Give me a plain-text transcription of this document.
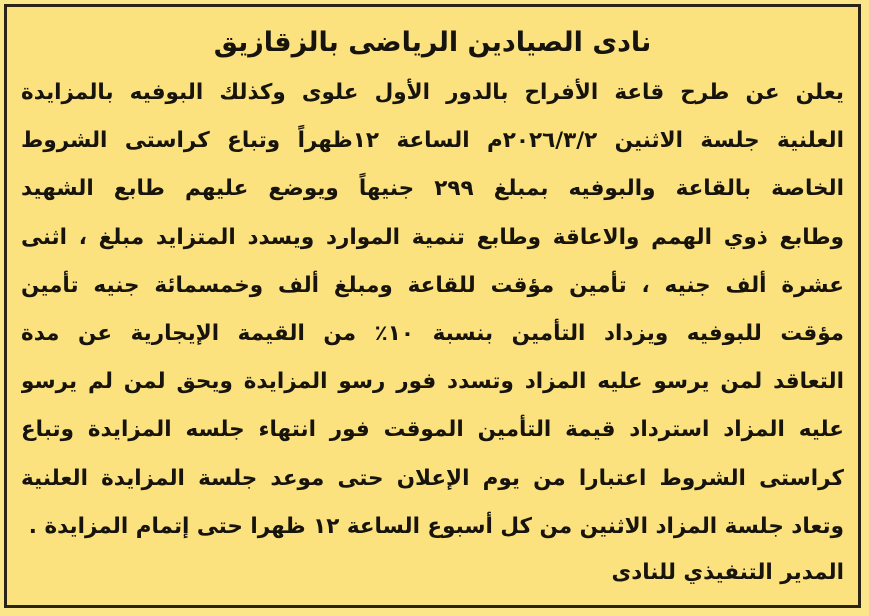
نادى الصيادين الرياضى بالزقازيق
يعلن عن طرح قاعة الأفراح بالدور الأول علوى وكذلك البوفيه بالمزايدة
العلنية جلسة الاثنين ٢٠٢٦/٣/٢م الساعة ١٢ظهراً وتباع كراستى الشروط
الخاصة بالقاعة والبوفيه بمبلغ ٢٩٩ جنيهاً ويوضع عليهم طابع الشهيد
وطابع ذوي الهمم والاعاقة وطابع تنمية الموارد ويسدد المتزايد مبلغ ، اثنى
عشرة ألف جنيه ، تأمين مؤقت للقاعة ومبلغ ألف وخمسمائة جنيه تأمين
مؤقت للبوفيه ويزداد التأمين بنسبة ١٠٪ من القيمة الإيجارية عن مدة
التعاقد لمن يرسو عليه المزاد وتسدد فور رسو المزايدة ويحق لمن لم يرسو
عليه المزاد استرداد قيمة التأمين الموقت فور انتهاء جلسه المزايدة وتباع
كراستى الشروط اعتبارا من يوم الإعلان حتى موعد جلسة المزايدة العلنية
وتعاد جلسة المزاد الاثنين من كل أسبوع الساعة ١٢ ظهرا حتى إتمام المزايدة .
المدير التنفيذي للنادى
